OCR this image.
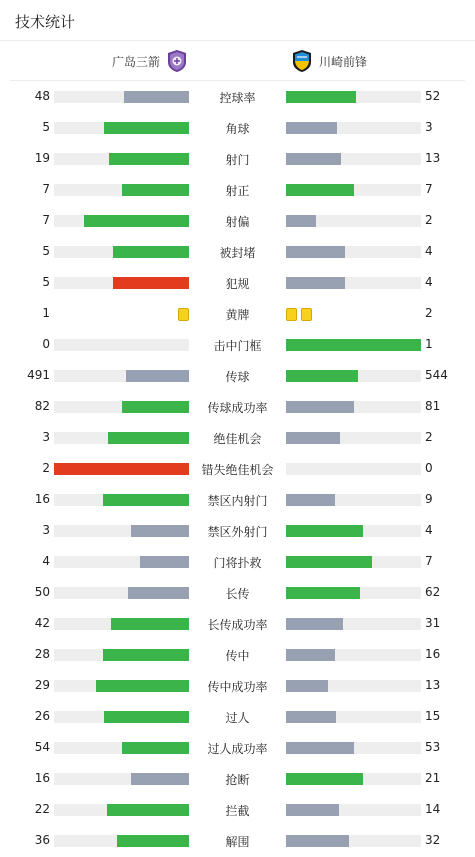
技术统计
广岛三箭	川崎前锋
48	控球率	52
5	角球	3
19	射门	13
7	射正	7
7	射偏	2
5	被封堵	4
5	犯规	4
1	黄牌	2
0	击中门框	1
491	传球	544
82	传球成功率	81
3	绝佳机会	2
2	错失绝佳机会	0
16	禁区内射门	9
3	禁区外射门	4
4	门将扑救	7
50	长传	62
42	长传成功率	31
28	传中	16
29	传中成功率	13
26	过人	15
54	过人成功率	53
16	抢断	21
22	拦截	14
36	解围	32
